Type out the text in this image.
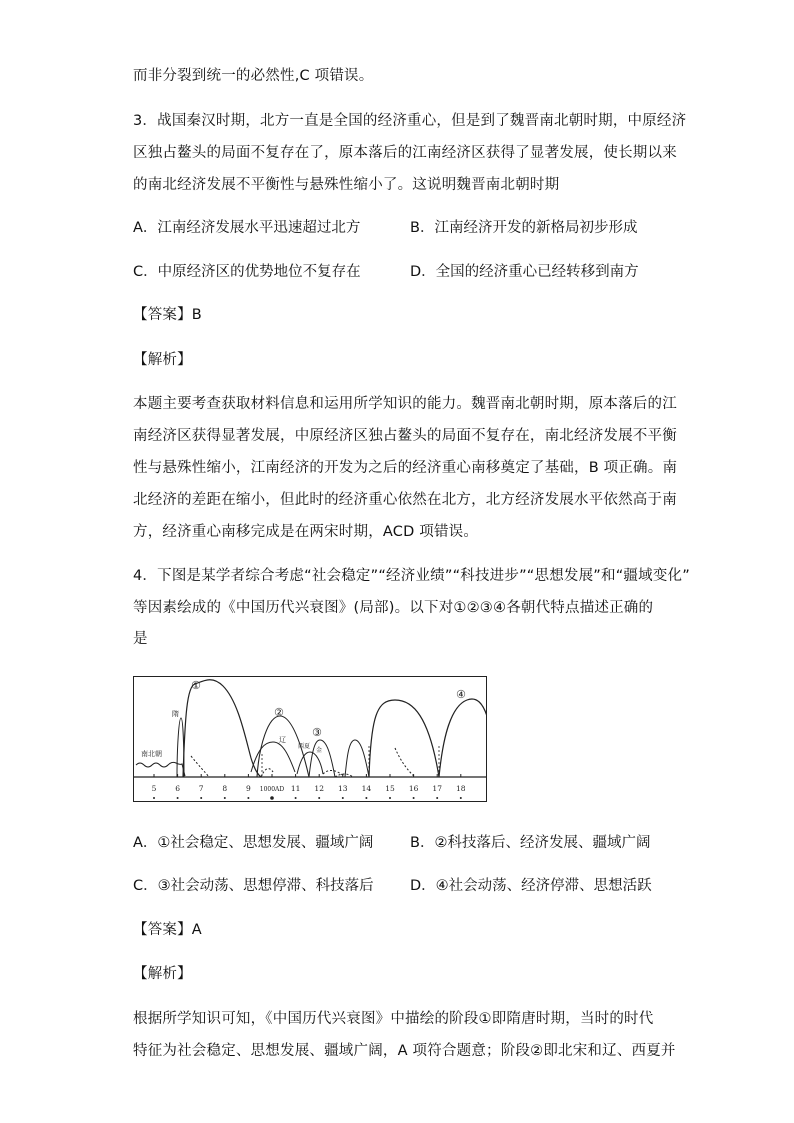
而非分裂到统一的必然性,C 项错误。
3．战国秦汉时期，北方一直是全国的经济重心，但是到了魏晋南北朝时期，中原经济
区独占鳌头的局面不复存在了，原本落后的江南经济区获得了显著发展，使长期以来
的南北经济发展不平衡性与悬殊性缩小了。这说明魏晋南北朝时期
A．江南经济发展水平迅速超过北方	B．江南经济开发的新格局初步形成
C．中原经济区的优势地位不复存在	D．全国的经济重心已经转移到南方
【答案】B
【解析】
本题主要考查获取材料信息和运用所学知识的能力。魏晋南北朝时期，原本落后的江
南经济区获得显著发展，中原经济区独占鳌头的局面不复存在，南北经济发展不平衡
性与悬殊性缩小，江南经济的开发为之后的经济重心南移奠定了基础，B 项正确。南
北经济的差距在缩小，但此时的经济重心依然在北方，北方经济发展水平依然高于南
方，经济重心南移完成是在两宋时期，ACD 项错误。
4．下图是某学者综合考虑“社会稳定”“经济业绩”“科技进步”“思想发展”和“疆域变化”
等因素绘成的《中国历代兴衰图》(局部)。以下对①②③④各朝代特点描述正确的
是
南北朝
隋
①
②
辽
西夏
③
金
④
5	6	7	8	9 1000AD 11 12 13 14 15 16 17 18
A．①社会稳定、思想发展、疆域广阔	B．②科技落后、经济发展、疆域广阔
C．③社会动荡、思想停滞、科技落后	D．④社会动荡、经济停滞、思想活跃
【答案】A
【解析】
根据所学知识可知，《中国历代兴衰图》中描绘的阶段①即隋唐时期，当时的时代
特征为社会稳定、思想发展、疆域广阔，A 项符合题意；阶段②即北宋和辽、西夏并
